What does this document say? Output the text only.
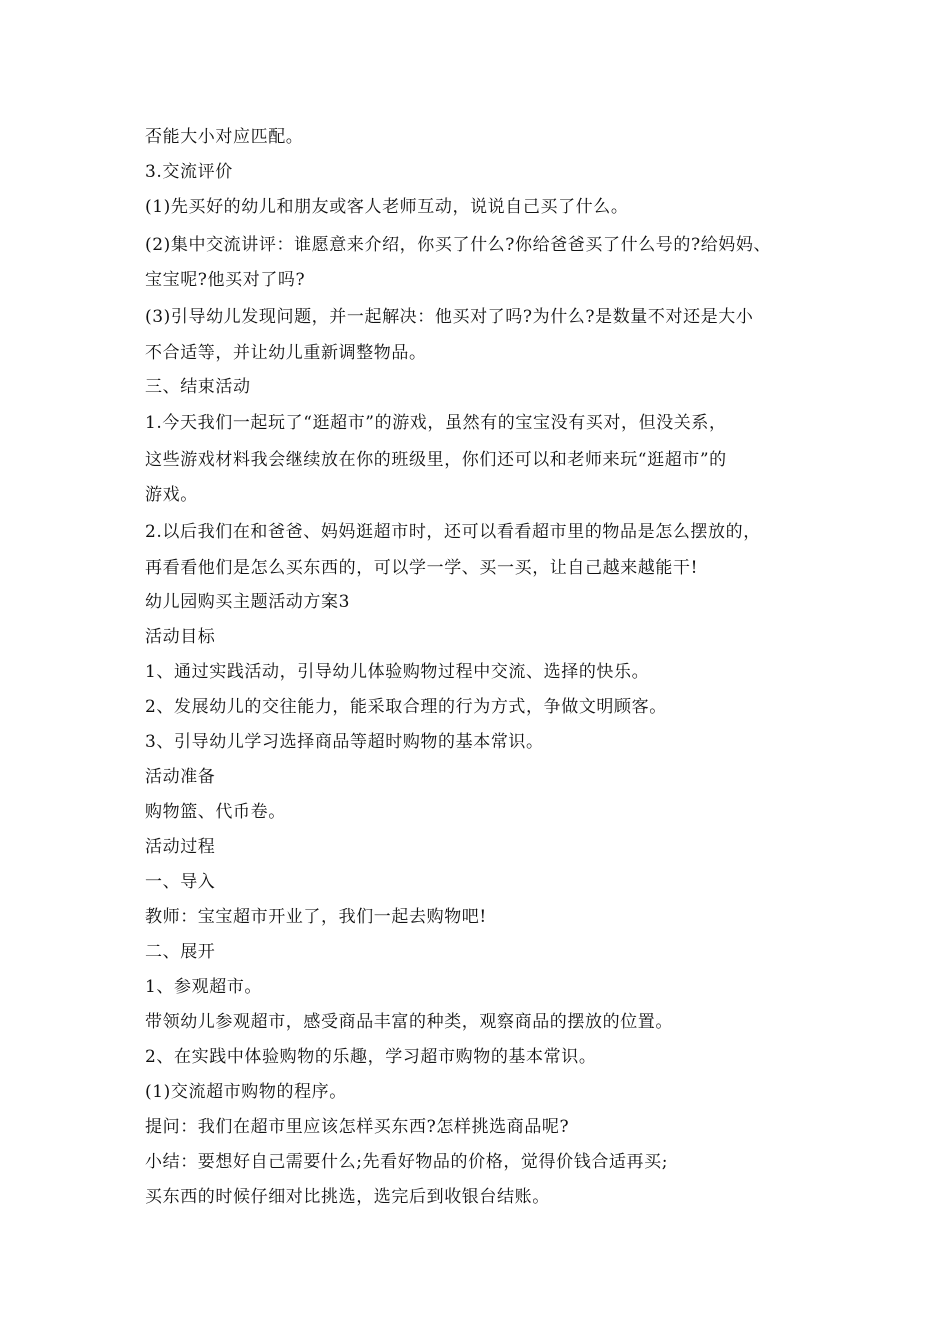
否能大小对应匹配。
3.交流评价
(1)先买好的幼儿和朋友或客人老师互动，说说自己买了什么。
(2)集中交流讲评：谁愿意来介绍，你买了什么?你给爸爸买了什么号的?给妈妈、
宝宝呢?他买对了吗?
(3)引导幼儿发现问题，并一起解决：他买对了吗?为什么?是数量不对还是大小
不合适等，并让幼儿重新调整物品。
三、结束活动
1.今天我们一起玩了“逛超市”的游戏，虽然有的宝宝没有买对，但没关系，
这些游戏材料我会继续放在你的班级里，你们还可以和老师来玩“逛超市”的
游戏。
2.以后我们在和爸爸、妈妈逛超市时，还可以看看超市里的物品是怎么摆放的，
再看看他们是怎么买东西的，可以学一学、买一买，让自己越来越能干!
幼儿园购买主题活动方案3
活动目标
1、通过实践活动，引导幼儿体验购物过程中交流、选择的快乐。
2、发展幼儿的交往能力，能采取合理的行为方式，争做文明顾客。
3、引导幼儿学习选择商品等超时购物的基本常识。
活动准备
购物篮、代币卷。
活动过程
一、导入
教师：宝宝超市开业了，我们一起去购物吧!
二、展开
1、参观超市。
带领幼儿参观超市，感受商品丰富的种类，观察商品的摆放的位置。
2、在实践中体验购物的乐趣，学习超市购物的基本常识。
(1)交流超市购物的程序。
提问：我们在超市里应该怎样买东西?怎样挑选商品呢?
小结：要想好自己需要什么;先看好物品的价格，觉得价钱合适再买;
买东西的时候仔细对比挑选，选完后到收银台结账。
